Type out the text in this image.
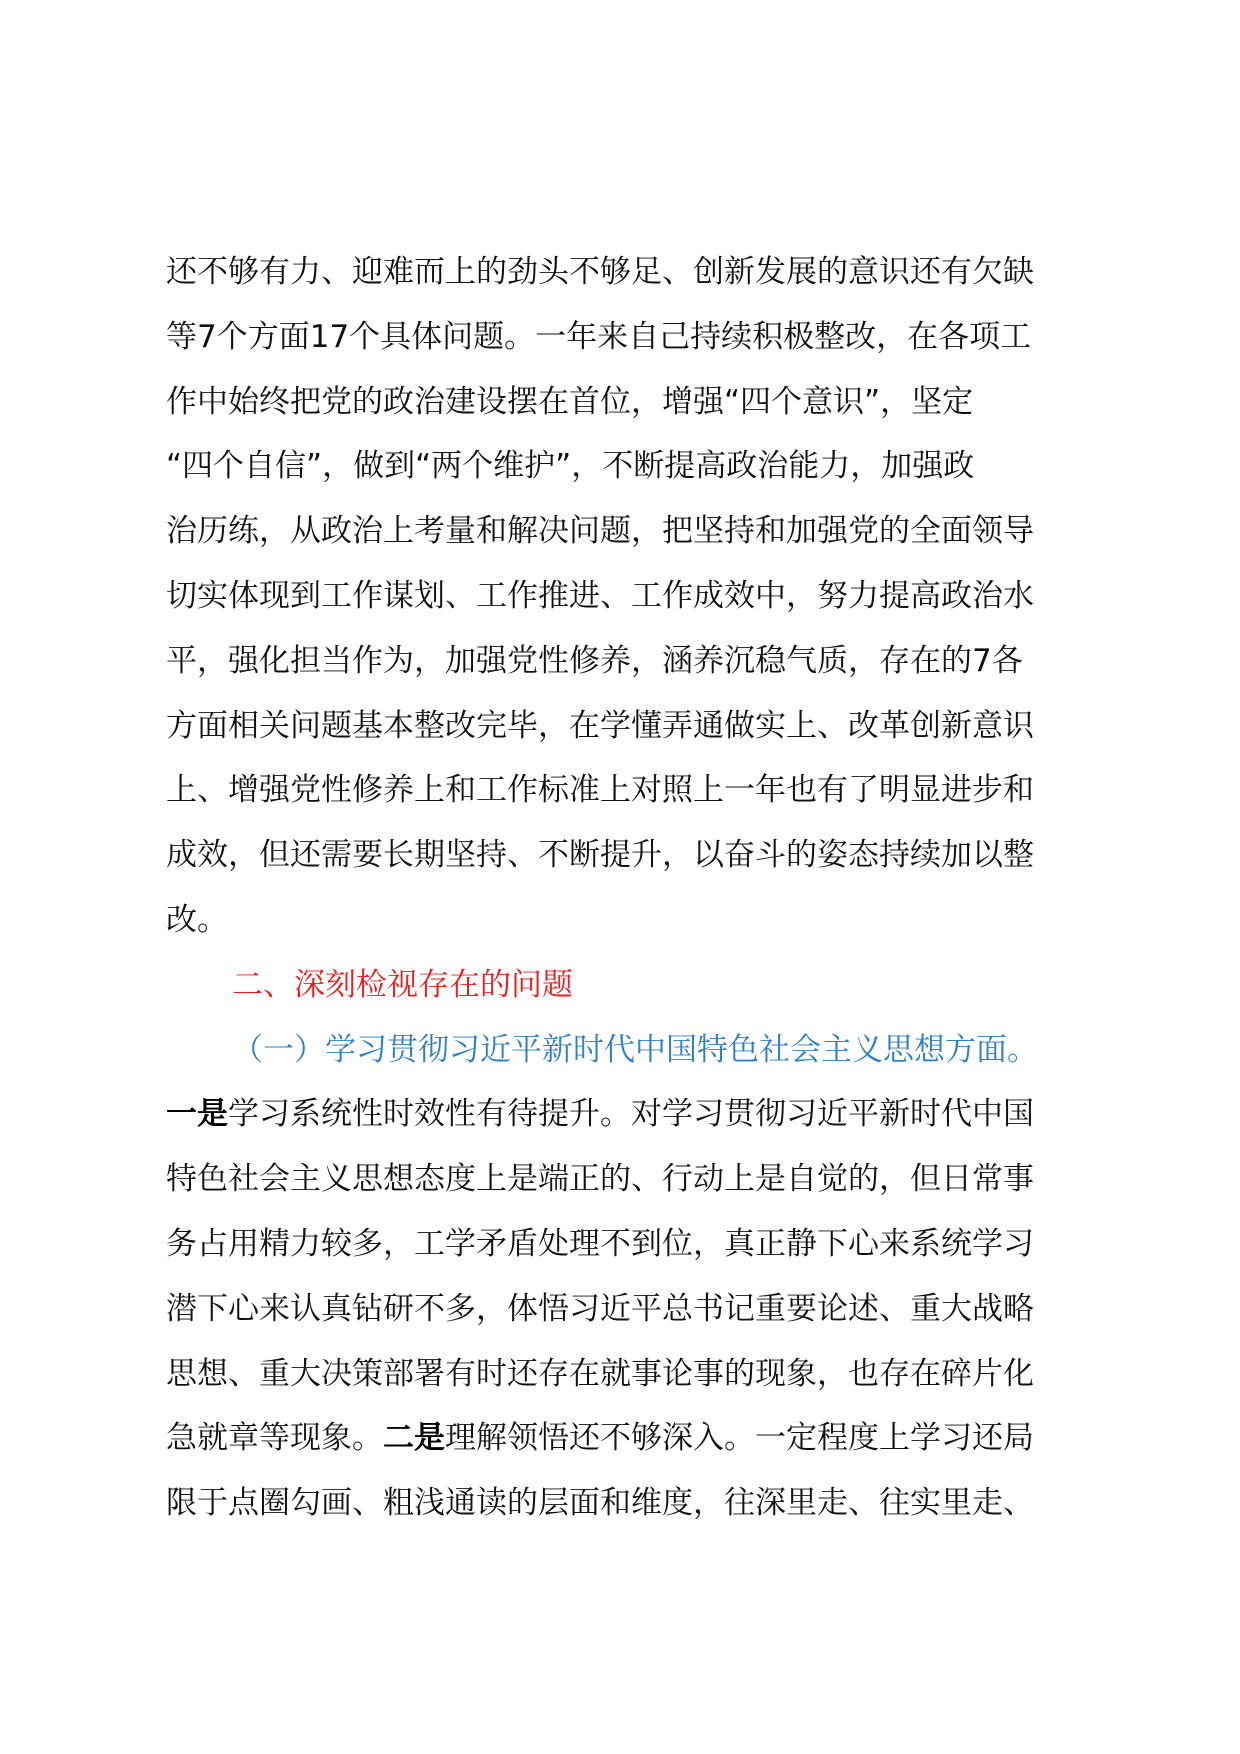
还不够有力、迎难而上的劲头不够足、创新发展的意识还有欠缺
等7个方面17个具体问题。一年来自己持续积极整改，在各项工
作中始终把党的政治建设摆在首位，增强“四个意识”，坚定
“四个自信”，做到“两个维护”，不断提高政治能力，加强政
治历练，从政治上考量和解决问题，把坚持和加强党的全面领导
切实体现到工作谋划、工作推进、工作成效中，努力提高政治水
平，强化担当作为，加强党性修养，涵养沉稳气质，存在的7各
方面相关问题基本整改完毕，在学懂弄通做实上、改革创新意识
上、增强党性修养上和工作标准上对照上一年也有了明显进步和
成效，但还需要长期坚持、不断提升，以奋斗的姿态持续加以整
改。
二、深刻检视存在的问题
（一）学习贯彻习近平新时代中国特色社会主义思想方面。
一是学习系统性时效性有待提升。对学习贯彻习近平新时代中国
特色社会主义思想态度上是端正的、行动上是自觉的，但日常事
务占用精力较多，工学矛盾处理不到位，真正静下心来系统学习
潜下心来认真钻研不多，体悟习近平总书记重要论述、重大战略
思想、重大决策部署有时还存在就事论事的现象，也存在碎片化
急就章等现象。二是理解领悟还不够深入。一定程度上学习还局
限于点圈勾画、粗浅通读的层面和维度，往深里走、往实里走、
